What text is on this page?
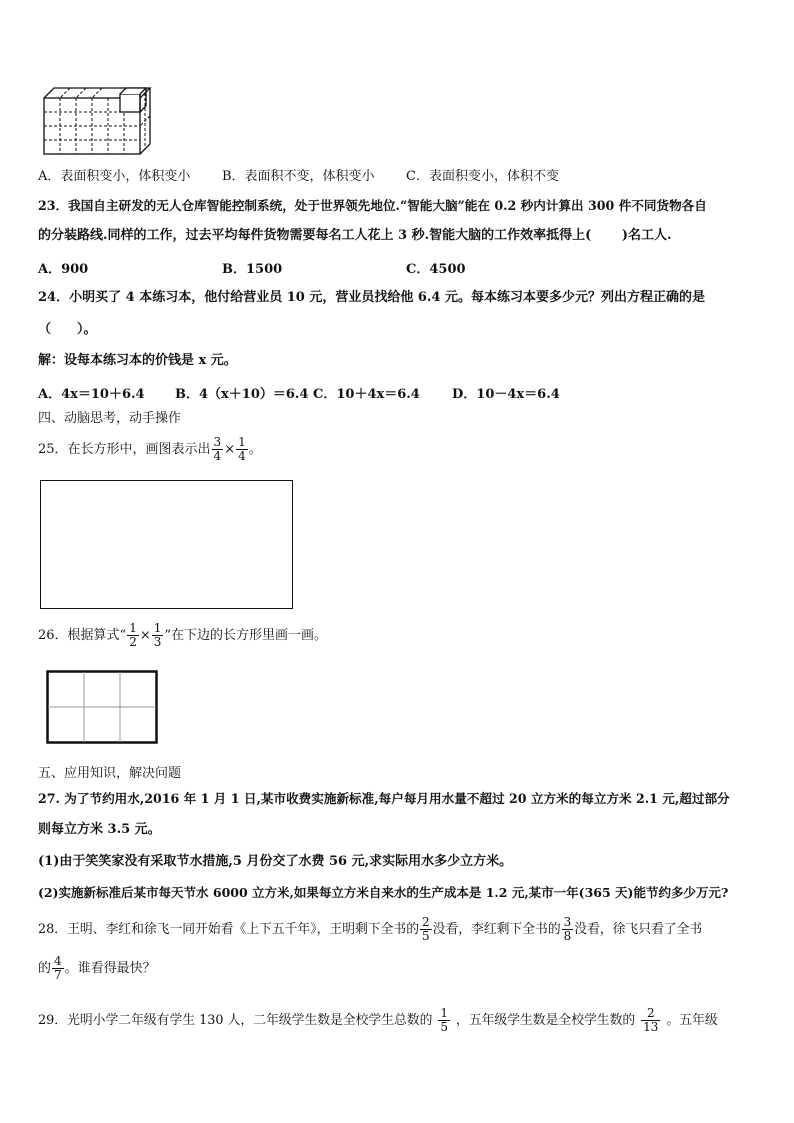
A．表面积变小，体积变小 B．表面积不变，体积变小 C．表面积变小，体积不变
23．我国自主研发的无人仓库智能控制系统，处于世界领先地位.“智能大脑”能在 0.2 秒内计算出 300 件不同货物各自
的分装路线.同样的工作，过去平均每件货物需要每名工人花上 3 秒.智能大脑的工作效率抵得上(　　 )名工人.
A．900	B．1500	C．4500
24．小明买了 4 本练习本，他付给营业员 10 元，营业员找给他 6.4 元。每本练习本要多少元？列出方程正确的是
（　　）。
解：设每本练习本的价钱是 x 元。
A．4x＝10＋6.4 B．4（x＋10）＝6.4 C．10＋4x＝6.4 D．10－4x＝6.4
四、动脑思考，动手操作
25．在长方形中，画图表示出 $\frac{3}{4} \times \frac{1}{4}$ 。
26．根据算式“ $\frac{1}{2} \times \frac{1}{3}$ ”在下边的长方形里画一画。
五、应用知识，解决问题
27. 为了节约用水,2016 年 1 月 1 日,某市收费实施新标准,每户每月用水量不超过 20 立方米的每立方米 2.1 元,超过部分
则每立方米 3.5 元。
(1)由于笑笑家没有采取节水措施,5 月份交了水费 56 元,求实际用水多少立方米。
(2)实施新标准后某市每天节水 6000 立方米,如果每立方米自来水的生产成本是 1.2 元,某市一年(365 天)能节约多少万元?
28．王明、李红和徐飞一同开始看《上下五千年》，王明剩下全书的 $\frac{2}{5}$ 没看，李红剩下全书的 $\frac{3}{8}$ 没看，徐飞只看了全书
的 $\frac{4}{7}$ 。谁看得最快？
29．光明小学二年级有学生 130 人，二年级学生数是全校学生总数的 $\frac{1}{5}$ ，五年级学生数是全校学生数的 $\frac{2}{13}$ 。五年级
